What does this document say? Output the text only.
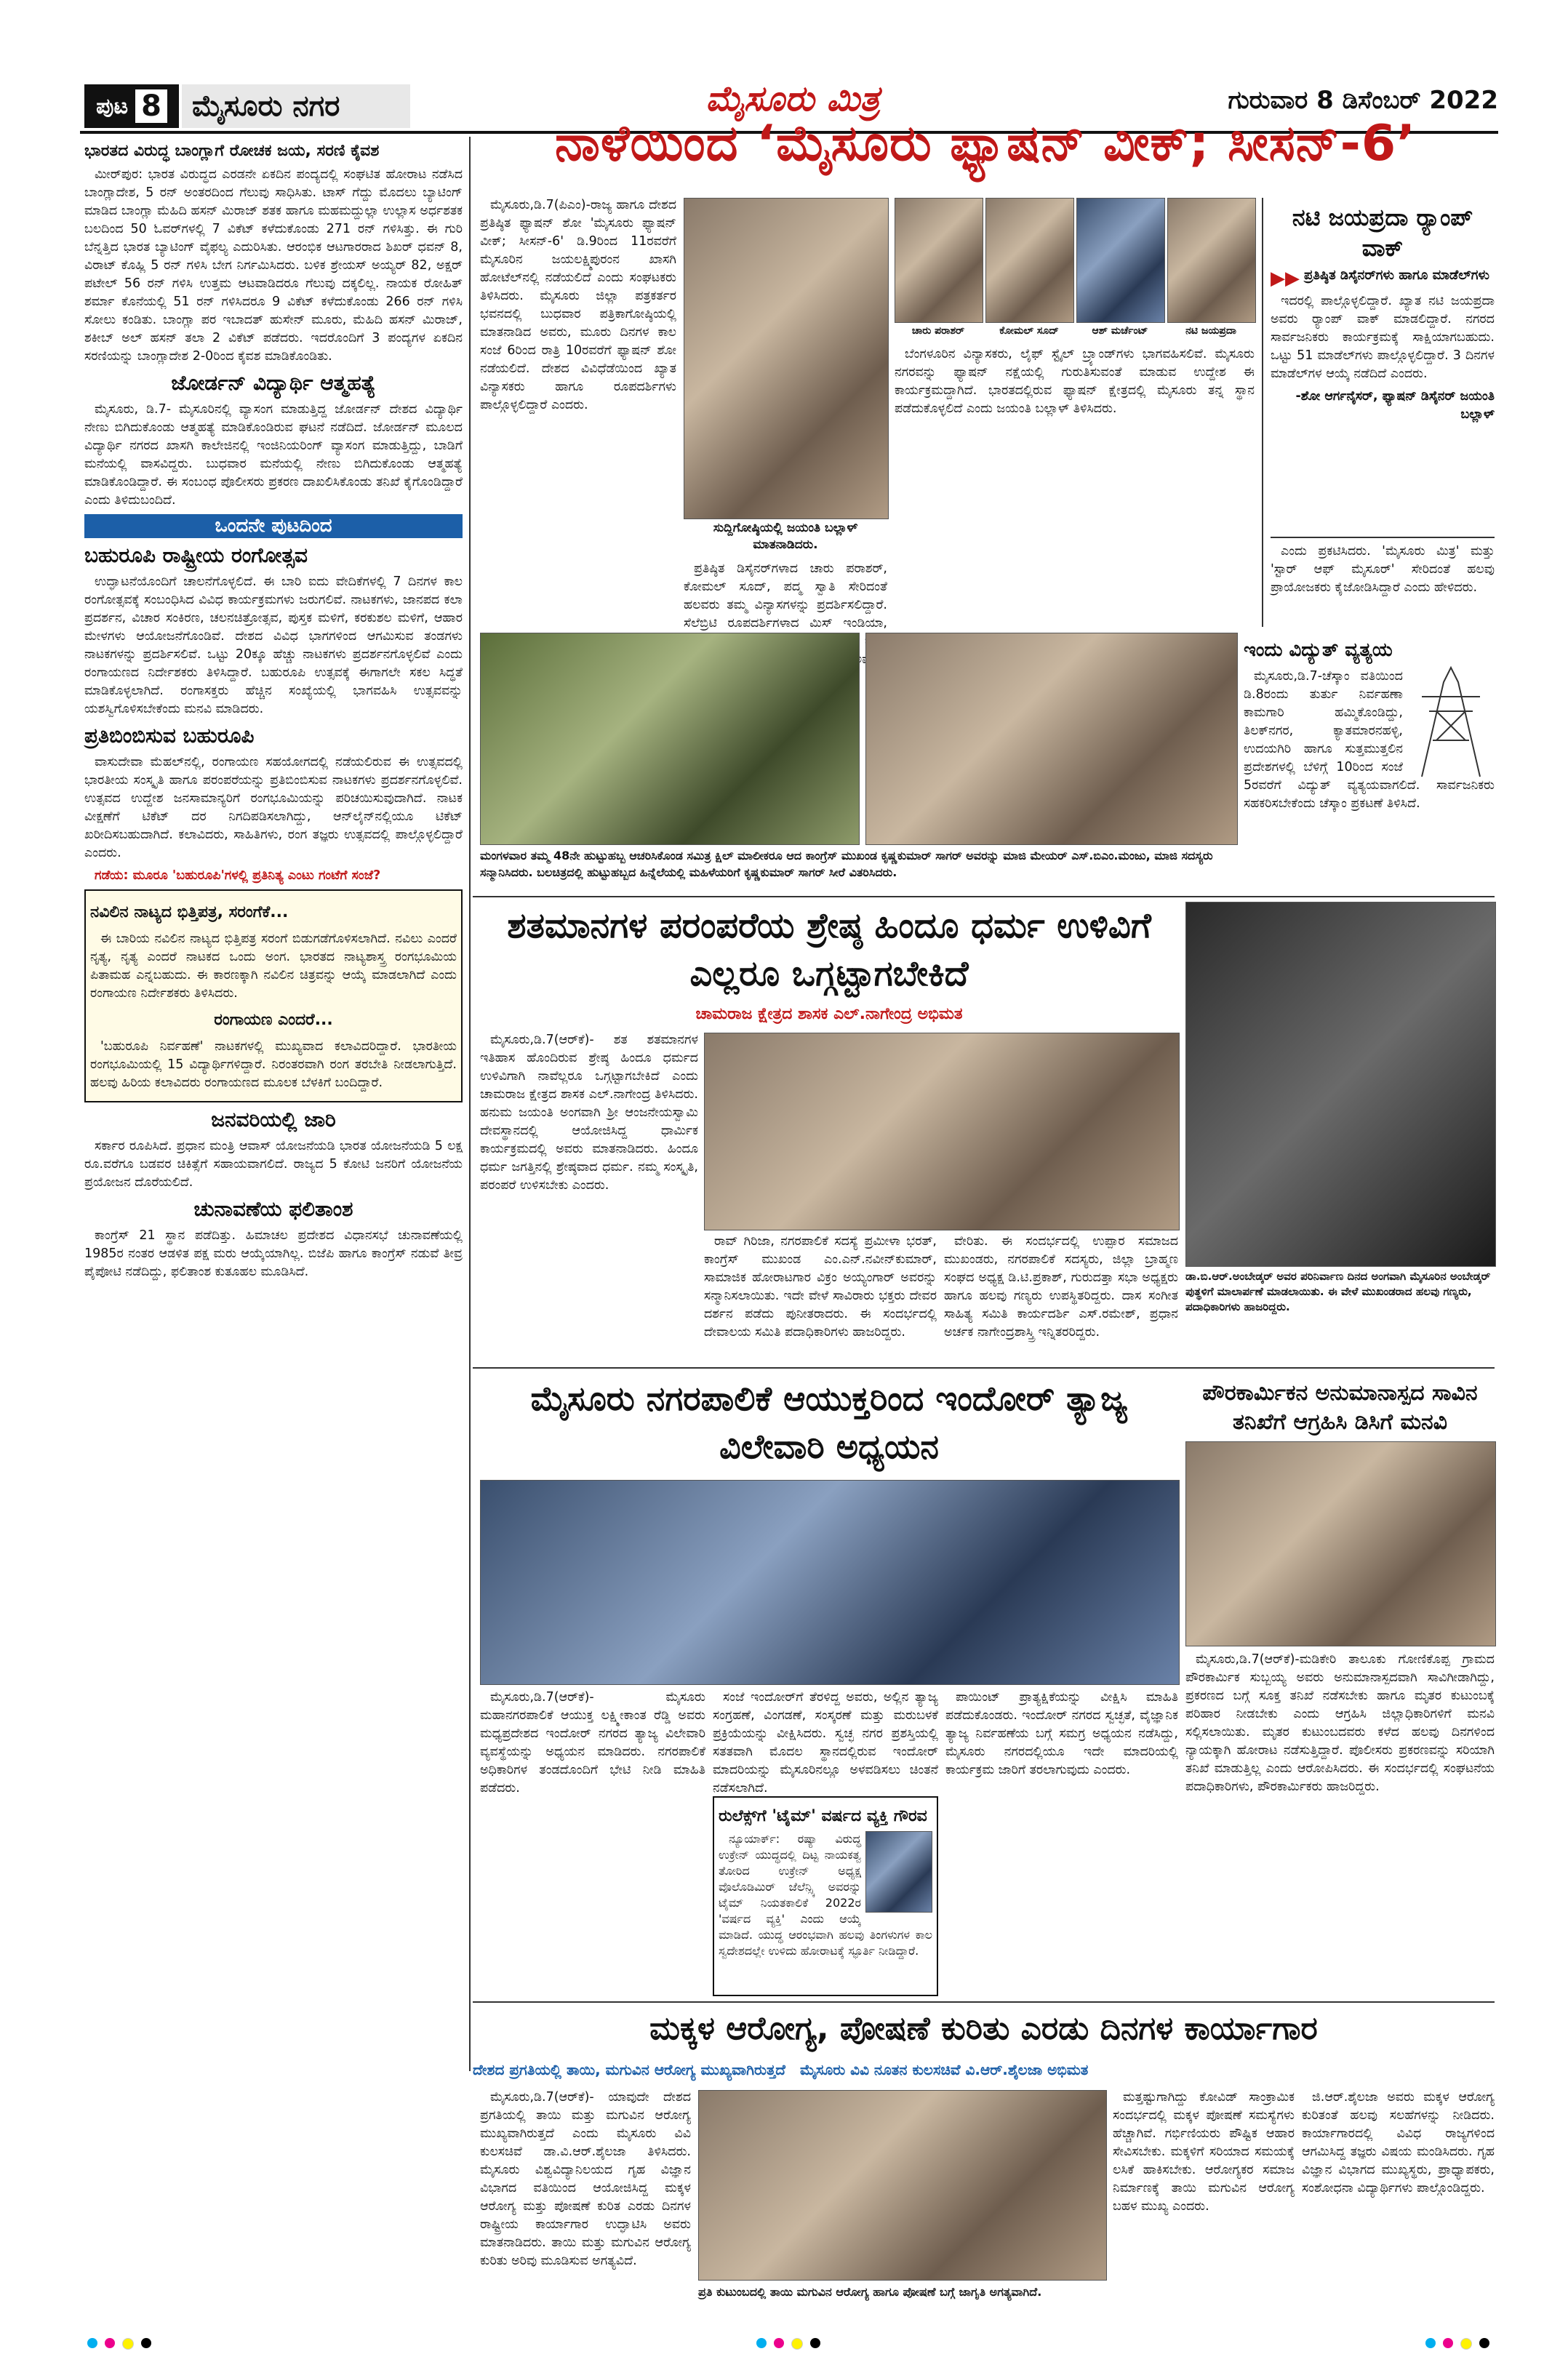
ಪುಟ 8	ಮೈಸೂರು ನಗರ	ಮೈಸೂರು ಮಿತ್ರ	ಗುರುವಾರ 8 ಡಿಸೆಂಬರ್ 2022
ಭಾರತದ ವಿರುದ್ಧ ಬಾಂಗ್ಲಾಗೆ ರೋಚಕ ಜಯ, ಸರಣಿ ಕೈವಶ

ಮೀರ್‌ಪುರ: ಭಾರತ ವಿರುದ್ಧದ ಎರಡನೇ ಏಕದಿನ ಪಂದ್ಯದಲ್ಲಿ ಸಂಘಟಿತ ಹೋರಾಟ ನಡೆಸಿದ ಬಾಂಗ್ಲಾದೇಶ, 5 ರನ್ ಅಂತರದಿಂದ ಗೆಲುವು ಸಾಧಿಸಿತು. ಟಾಸ್ ಗೆದ್ದು ಮೊದಲು ಬ್ಯಾಟಿಂಗ್ ಮಾಡಿದ ಬಾಂಗ್ಲಾ ಮೆಹಿದಿ ಹಸನ್ ಮಿರಾಜ್ ಶತಕ ಹಾಗೂ ಮಹಮದ್ದುಲ್ಲಾ ಉಲ್ಲಾಸ ಅರ್ಧಶತಕ ಬಲದಿಂದ 50 ಓವರ್‌ಗಳಲ್ಲಿ 7 ವಿಕೆಟ್ ಕಳೆದುಕೊಂಡು 271 ರನ್ ಗಳಿಸಿತ್ತು. ಈ ಗುರಿ ಬೆನ್ನತ್ತಿದ ಭಾರತ ಬ್ಯಾಟಿಂಗ್ ವೈಫಲ್ಯ ಎದುರಿಸಿತು. ಆರಂಭಿಕ ಆಟಗಾರರಾದ ಶಿಖರ್ ಧವನ್ 8, ವಿರಾಟ್ ಕೊಹ್ಲಿ 5 ರನ್ ಗಳಿಸಿ ಬೇಗ ನಿರ್ಗಮಿಸಿದರು. ಬಳಿಕ ಶ್ರೇಯಸ್ ಅಯ್ಯರ್ 82, ಅಕ್ಷರ್ ಪಟೇಲ್ 56 ರನ್ ಗಳಿಸಿ ಉತ್ತಮ ಆಟವಾಡಿದರೂ ಗೆಲುವು ದಕ್ಕಲಿಲ್ಲ. ನಾಯಕ ರೋಹಿತ್ ಶರ್ಮಾ ಕೊನೆಯಲ್ಲಿ 51 ರನ್ ಗಳಿಸಿದರೂ 9 ವಿಕೆಟ್ ಕಳೆದುಕೊಂಡು 266 ರನ್ ಗಳಿಸಿ ಸೋಲು ಕಂಡಿತು. ಬಾಂಗ್ಲಾ ಪರ ಇಬಾದತ್ ಹುಸೇನ್ ಮೂರು, ಮೆಹಿದಿ ಹಸನ್ ಮಿರಾಜ್, ಶಕೀಬ್ ಅಲ್ ಹಸನ್ ತಲಾ 2 ವಿಕೆಟ್ ಪಡೆದರು. ಇದರೊಂದಿಗೆ 3 ಪಂದ್ಯಗಳ ಏಕದಿನ ಸರಣಿಯನ್ನು ಬಾಂಗ್ಲಾದೇಶ 2-0ರಿಂದ ಕೈವಶ ಮಾಡಿಕೊಂಡಿತು.

ಜೋರ್ಡನ್ ವಿದ್ಯಾರ್ಥಿ ಆತ್ಮಹತ್ಯೆ

ಮೈಸೂರು, ಡಿ.7- ಮೈಸೂರಿನಲ್ಲಿ ವ್ಯಾಸಂಗ ಮಾಡುತ್ತಿದ್ದ ಜೋರ್ಡನ್ ದೇಶದ ವಿದ್ಯಾರ್ಥಿ ನೇಣು ಬಿಗಿದುಕೊಂಡು ಆತ್ಮಹತ್ಯೆ ಮಾಡಿಕೊಂಡಿರುವ ಘಟನೆ ನಡೆದಿದೆ. ಜೋರ್ಡನ್ ಮೂಲದ ವಿದ್ಯಾರ್ಥಿ ನಗರದ ಖಾಸಗಿ ಕಾಲೇಜಿನಲ್ಲಿ ಇಂಜಿನಿಯರಿಂಗ್ ವ್ಯಾಸಂಗ ಮಾಡುತ್ತಿದ್ದು, ಬಾಡಿಗೆ ಮನೆಯಲ್ಲಿ ವಾಸವಿದ್ದರು. ಬುಧವಾರ ಮನೆಯಲ್ಲಿ ನೇಣು ಬಿಗಿದುಕೊಂಡು ಆತ್ಮಹತ್ಯೆ ಮಾಡಿಕೊಂಡಿದ್ದಾರೆ. ಈ ಸಂಬಂಧ ಪೊಲೀಸರು ಪ್ರಕರಣ ದಾಖಲಿಸಿಕೊಂಡು ತನಿಖೆ ಕೈಗೊಂಡಿದ್ದಾರೆ ಎಂದು ತಿಳಿದುಬಂದಿದೆ.

ಒಂದನೇ ಪುಟದಿಂದ
ಬಹುರೂಪಿ ರಾಷ್ಟ್ರೀಯ ರಂಗೋತ್ಸವ

ಉದ್ಘಾಟನೆಯೊಂದಿಗೆ ಚಾಲನೆಗೊಳ್ಳಲಿದೆ. ಈ ಬಾರಿ ಐದು ವೇದಿಕೆಗಳಲ್ಲಿ 7 ದಿನಗಳ ಕಾಲ ರಂಗೋತ್ಸವಕ್ಕೆ ಸಂಬಂಧಿಸಿದ ವಿವಿಧ ಕಾರ್ಯಕ್ರಮಗಳು ಜರುಗಲಿವೆ. ನಾಟಕಗಳು, ಜಾನಪದ ಕಲಾ ಪ್ರದರ್ಶನ, ವಿಚಾರ ಸಂಕಿರಣ, ಚಲನಚಿತ್ರೋತ್ಸವ, ಪುಸ್ತಕ ಮಳಿಗೆ, ಕರಕುಶಲ ಮಳಿಗೆ, ಆಹಾರ ಮೇಳಗಳು ಆಯೋಜನೆಗೊಂಡಿವೆ. ದೇಶದ ವಿವಿಧ ಭಾಗಗಳಿಂದ ಆಗಮಿಸುವ ತಂಡಗಳು ನಾಟಕಗಳನ್ನು ಪ್ರದರ್ಶಿಸಲಿವೆ. ಒಟ್ಟು 20ಕ್ಕೂ ಹೆಚ್ಚು ನಾಟಕಗಳು ಪ್ರದರ್ಶನಗೊಳ್ಳಲಿವೆ ಎಂದು ರಂಗಾಯಣದ ನಿರ್ದೇಶಕರು ತಿಳಿಸಿದ್ದಾರೆ. ಬಹುರೂಪಿ ಉತ್ಸವಕ್ಕೆ ಈಗಾಗಲೇ ಸಕಲ ಸಿದ್ಧತೆ ಮಾಡಿಕೊಳ್ಳಲಾಗಿದೆ. ರಂಗಾಸಕ್ತರು ಹೆಚ್ಚಿನ ಸಂಖ್ಯೆಯಲ್ಲಿ ಭಾಗವಹಿಸಿ ಉತ್ಸವವನ್ನು ಯಶಸ್ವಿಗೊಳಿಸಬೇಕೆಂದು ಮನವಿ ಮಾಡಿದರು.

ಪ್ರತಿಬಿಂಬಿಸುವ ಬಹುರೂಪಿ

ವಾಸುದೇವಾ ಮೆಹಲ್‌ನಲ್ಲಿ, ರಂಗಾಯಣ ಸಹಯೋಗದಲ್ಲಿ ನಡೆಯಲಿರುವ ಈ ಉತ್ಸವದಲ್ಲಿ ಭಾರತೀಯ ಸಂಸ್ಕೃತಿ ಹಾಗೂ ಪರಂಪರೆಯನ್ನು ಪ್ರತಿಬಿಂಬಿಸುವ ನಾಟಕಗಳು ಪ್ರದರ್ಶನಗೊಳ್ಳಲಿವೆ. ಉತ್ಸವದ ಉದ್ದೇಶ ಜನಸಾಮಾನ್ಯರಿಗೆ ರಂಗಭೂಮಿಯನ್ನು ಪರಿಚಯಿಸುವುದಾಗಿದೆ. ನಾಟಕ ವೀಕ್ಷಣೆಗೆ ಟಿಕೆಟ್ ದರ ನಿಗದಿಪಡಿಸಲಾಗಿದ್ದು, ಆನ್‌ಲೈನ್‌ನಲ್ಲಿಯೂ ಟಿಕೆಟ್ ಖರೀದಿಸಬಹುದಾಗಿದೆ. ಕಲಾವಿದರು, ಸಾಹಿತಿಗಳು, ರಂಗ ತಜ್ಞರು ಉತ್ಸವದಲ್ಲಿ ಪಾಲ್ಗೊಳ್ಳಲಿದ್ದಾರೆ ಎಂದರು.

ಗಡೆಯ: ಮೂರೂ 'ಬಹುರೂಪಿ'ಗಳಲ್ಲಿ ಪ್ರತಿನಿತ್ಯ ಎಂಟು ಗಂಟೆಗೆ ಸಂಜೆ?

ನವಿಲಿನ ನಾಟ್ಯದ ಭಿತ್ತಿಪತ್ರ, ಸರಂಗೆಕೆ...

ಈ ಬಾರಿಯ ನವಿಲಿನ ನಾಟ್ಯದ ಭಿತ್ತಿಪತ್ರ ಸರಂಗೆ ಬಿಡುಗಡೆಗೊಳಿಸಲಾಗಿದೆ. ನವಿಲು ಎಂದರೆ ನೃತ್ಯ, ನೃತ್ಯ ಎಂದರೆ ನಾಟಕದ ಒಂದು ಅಂಗ. ಭಾರತದ ನಾಟ್ಯಶಾಸ್ತ್ರ ರಂಗಭೂಮಿಯ ಪಿತಾಮಹ ಎನ್ನಬಹುದು. ಈ ಕಾರಣಕ್ಕಾಗಿ ನವಿಲಿನ ಚಿತ್ರವನ್ನು ಆಯ್ಕೆ ಮಾಡಲಾಗಿದೆ ಎಂದು ರಂಗಾಯಣ ನಿರ್ದೇಶಕರು ತಿಳಿಸಿದರು.

ರಂಗಾಯಣ ಎಂದರೆ...

'ಬಹುರೂಪಿ ನಿರ್ವಹಣೆ' ನಾಟಕಗಳಲ್ಲಿ ಮುಖ್ಯವಾದ ಕಲಾವಿದರಿದ್ದಾರೆ. ಭಾರತೀಯ ರಂಗಭೂಮಿಯಲ್ಲಿ 15 ವಿದ್ಯಾರ್ಥಿಗಳಿದ್ದಾರೆ. ನಿರಂತರವಾಗಿ ರಂಗ ತರಬೇತಿ ನೀಡಲಾಗುತ್ತಿದೆ. ಹಲವು ಹಿರಿಯ ಕಲಾವಿದರು ರಂಗಾಯಣದ ಮೂಲಕ ಬೆಳಕಿಗೆ ಬಂದಿದ್ದಾರೆ.

ಜನವರಿಯಲ್ಲಿ ಜಾರಿ

ಸರ್ಕಾರ ರೂಪಿಸಿದೆ. ಪ್ರಧಾನ ಮಂತ್ರಿ ಆವಾಸ್ ಯೋಜನೆಯಡಿ ಭಾರತ ಯೋಜನೆಯಡಿ 5 ಲಕ್ಷ ರೂ.ವರೆಗೂ ಬಡವರ ಚಿಕಿತ್ಸೆಗೆ ಸಹಾಯವಾಗಲಿದೆ. ರಾಜ್ಯದ 5 ಕೋಟಿ ಜನರಿಗೆ ಯೋಜನೆಯ ಪ್ರಯೋಜನ ದೊರೆಯಲಿದೆ.

ಚುನಾವಣೆಯ ಫಲಿತಾಂಶ

ಕಾಂಗ್ರೆಸ್ 21 ಸ್ಥಾನ ಪಡೆದಿತ್ತು. ಹಿಮಾಚಲ ಪ್ರದೇಶದ ವಿಧಾನಸಭೆ ಚುನಾವಣೆಯಲ್ಲಿ 1985ರ ನಂತರ ಆಡಳಿತ ಪಕ್ಷ ಮರು ಆಯ್ಕೆಯಾಗಿಲ್ಲ. ಬಿಜೆಪಿ ಹಾಗೂ ಕಾಂಗ್ರೆಸ್ ನಡುವೆ ತೀವ್ರ ಪೈಪೋಟಿ ನಡೆದಿದ್ದು, ಫಲಿತಾಂಶ ಕುತೂಹಲ ಮೂಡಿಸಿದೆ.

ನಾಳೆಯಿಂದ ‘ಮೈಸೂರು ಫ್ಯಾಷನ್ ವೀಕ್; ಸೀಸನ್-6’

ಮೈಸೂರು,ಡಿ.7(ಪಿಎಂ)-ರಾಜ್ಯ ಹಾಗೂ ದೇಶದ ಪ್ರತಿಷ್ಠಿತ ಫ್ಯಾಷನ್ ಶೋ 'ಮೈಸೂರು ಫ್ಯಾಷನ್ ವೀಕ್; ಸೀಸನ್-6' ಡಿ.9ರಿಂದ 11ರವರೆಗೆ ಮೈಸೂರಿನ ಜಯಲಕ್ಷ್ಮಿಪುರಂನ ಖಾಸಗಿ ಹೋಟೆಲ್‌ನಲ್ಲಿ ನಡೆಯಲಿದೆ ಎಂದು ಸಂಘಟಕರು ತಿಳಿಸಿದರು. ಮೈಸೂರು ಜಿಲ್ಲಾ ಪತ್ರಕರ್ತರ ಭವನದಲ್ಲಿ ಬುಧವಾರ ಪತ್ರಿಕಾಗೋಷ್ಠಿಯಲ್ಲಿ ಮಾತನಾಡಿದ ಅವರು, ಮೂರು ದಿನಗಳ ಕಾಲ ಸಂಜೆ 6ರಿಂದ ರಾತ್ರಿ 10ರವರೆಗೆ ಫ್ಯಾಷನ್ ಶೋ ನಡೆಯಲಿದೆ. ದೇಶದ ವಿವಿಧೆಡೆಯಿಂದ ಖ್ಯಾತ ವಿನ್ಯಾಸಕರು ಹಾಗೂ ರೂಪದರ್ಶಿಗಳು ಪಾಲ್ಗೊಳ್ಳಲಿದ್ದಾರೆ ಎಂದರು.

ಸುದ್ದಿಗೋಷ್ಠಿಯಲ್ಲಿ ಜಯಂತಿ ಬಲ್ಲಾಳ್ ಮಾತನಾಡಿದರು.

ಪ್ರತಿಷ್ಠಿತ ಡಿಸೈನರ್‌ಗಳಾದ ಚಾರು ಪರಾಶರ್, ಕೋಮಲ್ ಸೂದ್, ಪದ್ಮ ಸ್ವಾತಿ ಸೇರಿದಂತೆ ಹಲವರು ತಮ್ಮ ವಿನ್ಯಾಸಗಳನ್ನು ಪ್ರದರ್ಶಿಸಲಿದ್ದಾರೆ. ಸೆಲೆಬ್ರಿಟಿ ರೂಪದರ್ಶಿಗಳಾದ ಮಿಸ್ ಇಂಡಿಯಾ,

ಚಾರು ಪರಾಶರ್	ಕೋಮಲ್ ಸೂದ್	ಆಶ್ ಮರ್ಚೆಂಟ್	ನಟಿ ಜಯಪ್ರದಾ

ಬೆಂಗಳೂರಿನ ವಿನ್ಯಾಸಕರು, ಲೈಫ್ ಸ್ಟೈಲ್ ಬ್ರ್ಯಾಂಡ್‌ಗಳು ಭಾಗವಹಿಸಲಿವೆ. ಮೈಸೂರು ನಗರವನ್ನು ಫ್ಯಾಷನ್ ನಕ್ಷೆಯಲ್ಲಿ ಗುರುತಿಸುವಂತೆ ಮಾಡುವ ಉದ್ದೇಶ ಈ ಕಾರ್ಯಕ್ರಮದ್ದಾಗಿದೆ. ಭಾರತದಲ್ಲಿರುವ ಫ್ಯಾಷನ್ ಕ್ಷೇತ್ರದಲ್ಲಿ ಮೈಸೂರು ತನ್ನ ಸ್ಥಾನ ಪಡೆದುಕೊಳ್ಳಲಿದೆ ಎಂದು ಜಯಂತಿ ಬಲ್ಲಾಳ್ ತಿಳಿಸಿದರು.

ನಟಿ ಜಯಪ್ರದಾ ರ್‍ಯಾಂಪ್ ವಾಕ್
▶▶ ಪ್ರತಿಷ್ಠಿತ ಡಿಸೈನರ್‌ಗಳು ಹಾಗೂ ಮಾಡೆಲ್‌ಗಳು

ಇದರಲ್ಲಿ ಪಾಲ್ಗೊಳ್ಳಲಿದ್ದಾರೆ. ಖ್ಯಾತ ನಟಿ ಜಯಪ್ರದಾ ಅವರು ರ್‍ಯಾಂಪ್ ವಾಕ್ ಮಾಡಲಿದ್ದಾರೆ. ನಗರದ ಸಾರ್ವಜನಿಕರು ಕಾರ್ಯಕ್ರಮಕ್ಕೆ ಸಾಕ್ಷಿಯಾಗಬಹುದು. ಒಟ್ಟು 51 ಮಾಡೆಲ್‌ಗಳು ಪಾಲ್ಗೊಳ್ಳಲಿದ್ದಾರೆ. 3 ದಿನಗಳ ಮಾಡೆಲ್‌ಗಳ ಆಯ್ಕೆ ನಡೆದಿದೆ ಎಂದರು.

-ಶೋ ಆರ್ಗನೈಸರ್, ಫ್ಯಾಷನ್ ಡಿಸೈನರ್ ಜಯಂತಿ ಬಲ್ಲಾಳ್

ಎಂದು ಪ್ರಕಟಿಸಿದರು. 'ಮೈಸೂರು ಮಿತ್ರ' ಮತ್ತು 'ಸ್ಟಾರ್ ಆಫ್ ಮೈಸೂರ್' ಸೇರಿದಂತೆ ಹಲವು ಪ್ರಾಯೋಜಕರು ಕೈಜೋಡಿಸಿದ್ದಾರೆ ಎಂದು ಹೇಳಿದರು.

ಮಂಗಳವಾರ ತಮ್ಮ 48ನೇ ಹುಟ್ಟುಹಬ್ಬ ಆಚರಿಸಿಕೊಂಡ ಸಮಿತ್ರ ಕ್ಷಿಲ್ ಮಾಲೀಕರೂ ಆದ ಕಾಂಗ್ರೆಸ್ ಮುಖಂಡ ಕೃಷ್ಣಕುಮಾರ್ ಸಾಗರ್ ಅವರನ್ನು ಮಾಜಿ ಮೇಯರ್ ಎಸ್.ಬಿಎಂ.ಮಂಜು, ಮಾಜಿ ಸದಸ್ಯರು ಸನ್ಮಾನಿಸಿದರು. ಬಲಚಿತ್ರದಲ್ಲಿ ಹುಟ್ಟುಹಬ್ಬದ ಹಿನ್ನೆಲೆಯಲ್ಲಿ ಮಹಿಳೆಯರಿಗೆ ಕೃಷ್ಣಕುಮಾರ್ ಸಾಗರ್ ಸೀರೆ ವಿತರಿಸಿದರು.
ಇಂದು ವಿದ್ಯುತ್ ವ್ಯತ್ಯಯ

ಮೈಸೂರು,ಡಿ.7-ಚೆಸ್ಕಾಂ ವತಿಯಿಂದ ಡಿ.8ರಂದು ತುರ್ತು ನಿರ್ವಹಣಾ ಕಾಮಗಾರಿ ಹಮ್ಮಿಕೊಂಡಿದ್ದು, ತಿಲಕ್‌ನಗರ, ಕ್ಯಾತಮಾರನಹಳ್ಳಿ, ಉದಯಗಿರಿ ಹಾಗೂ ಸುತ್ತಮುತ್ತಲಿನ ಪ್ರದೇಶಗಳಲ್ಲಿ ಬೆಳಿಗ್ಗೆ 10ರಿಂದ ಸಂಜೆ 5ರವರೆಗೆ ವಿದ್ಯುತ್ ವ್ಯತ್ಯಯವಾಗಲಿದೆ. ಸಾರ್ವಜನಿಕರು ಸಹಕರಿಸಬೇಕೆಂದು ಚೆಸ್ಕಾಂ ಪ್ರಕಟಣೆ ತಿಳಿಸಿದೆ.

ಶತಮಾನಗಳ ಪರಂಪರೆಯ ಶ್ರೇಷ್ಠ ಹಿಂದೂ ಧರ್ಮ ಉಳಿವಿಗೆ ಎಲ್ಲರೂ ಒಗ್ಗಟ್ಟಾಗಬೇಕಿದೆ
ಚಾಮರಾಜ ಕ್ಷೇತ್ರದ ಶಾಸಕ ಎಲ್.ನಾಗೇಂದ್ರ ಅಭಿಮತ

ಮೈಸೂರು,ಡಿ.7(ಆರ್‌ಕೆ)- ಶತ ಶತಮಾನಗಳ ಇತಿಹಾಸ ಹೊಂದಿರುವ ಶ್ರೇಷ್ಠ ಹಿಂದೂ ಧರ್ಮದ ಉಳಿವಿಗಾಗಿ ನಾವೆಲ್ಲರೂ ಒಗ್ಗಟ್ಟಾಗಬೇಕಿದೆ ಎಂದು ಚಾಮರಾಜ ಕ್ಷೇತ್ರದ ಶಾಸಕ ಎಲ್.ನಾಗೇಂದ್ರ ತಿಳಿಸಿದರು. ಹನುಮ ಜಯಂತಿ ಅಂಗವಾಗಿ ಶ್ರೀ ಆಂಜನೇಯಸ್ವಾಮಿ ದೇವಸ್ಥಾನದಲ್ಲಿ ಆಯೋಜಿಸಿದ್ದ ಧಾರ್ಮಿಕ ಕಾರ್ಯಕ್ರಮದಲ್ಲಿ ಅವರು ಮಾತನಾಡಿದರು. ಹಿಂದೂ ಧರ್ಮ ಜಗತ್ತಿನಲ್ಲಿ ಶ್ರೇಷ್ಠವಾದ ಧರ್ಮ. ನಮ್ಮ ಸಂಸ್ಕೃತಿ, ಪರಂಪರೆ ಉಳಿಸಬೇಕು ಎಂದರು.

ರಾವ್ ಗಿರಿಜಾ, ನಗರಪಾಲಿಕೆ ಸದಸ್ಯೆ ಪ್ರಮೀಳಾ ಭರತ್, ಕಾಂಗ್ರೆಸ್ ಮುಖಂಡ ಎಂ.ಎನ್.ನವೀನ್‌ಕುಮಾರ್, ಸಾಮಾಜಿಕ ಹೋರಾಟಗಾರ ವಿಕ್ರಂ ಅಯ್ಯಂಗಾರ್ ಅವರನ್ನು ಸನ್ಮಾನಿಸಲಾಯಿತು. ಇದೇ ವೇಳೆ ಸಾವಿರಾರು ಭಕ್ತರು ದೇವರ ದರ್ಶನ ಪಡೆದು ಪುನೀತರಾದರು. ಈ ಸಂದರ್ಭದಲ್ಲಿ ದೇವಾಲಯ ಸಮಿತಿ ಪದಾಧಿಕಾರಿಗಳು ಹಾಜರಿದ್ದರು.

ವೇರಿತು. ಈ ಸಂದರ್ಭದಲ್ಲಿ ಉಪ್ಪಾರ ಸಮಾಜದ ಮುಖಂಡರು, ನಗರಪಾಲಿಕೆ ಸದಸ್ಯರು, ಜಿಲ್ಲಾ ಬ್ರಾಹ್ಮಣ ಸಂಘದ ಅಧ್ಯಕ್ಷ ಡಿ.ಟಿ.ಪ್ರಕಾಶ್, ಗುರುದತ್ತಾ ಸಭಾ ಅಧ್ಯಕ್ಷರು ಹಾಗೂ ಹಲವು ಗಣ್ಯರು ಉಪಸ್ಥಿತರಿದ್ದರು. ದಾಸ ಸಂಗೀತ ಸಾಹಿತ್ಯ ಸಮಿತಿ ಕಾರ್ಯದರ್ಶಿ ಎಸ್.ರಮೇಶ್, ಪ್ರಧಾನ ಅರ್ಚಕ ನಾಗೇಂದ್ರಶಾಸ್ತ್ರಿ ಇನ್ನಿತರರಿದ್ದರು.

ಡಾ.ಬಿ.ಆರ್.ಅಂಬೇಡ್ಕರ್ ಅವರ ಪರಿನಿರ್ವಾಣ ದಿನದ ಅಂಗವಾಗಿ ಮೈಸೂರಿನ ಅಂಬೇಡ್ಕರ್ ಪುತ್ಥಳಿಗೆ ಮಾಲಾರ್ಪಣೆ ಮಾಡಲಾಯಿತು. ಈ ವೇಳೆ ಮುಖಂಡರಾದ ಹಲವು ಗಣ್ಯರು, ಪದಾಧಿಕಾರಿಗಳು ಹಾಜರಿದ್ದರು.
ಮೈಸೂರು ನಗರಪಾಲಿಕೆ ಆಯುಕ್ತರಿಂದ ಇಂದೋರ್ ತ್ಯಾಜ್ಯ ವಿಲೇವಾರಿ ಅಧ್ಯಯನ

ಮೈಸೂರು,ಡಿ.7(ಆರ್‌ಕೆ)- ಮೈಸೂರು ಮಹಾನಗರಪಾಲಿಕೆ ಆಯುಕ್ತ ಲಕ್ಷ್ಮೀಕಾಂತ ರೆಡ್ಡಿ ಅವರು ಮಧ್ಯಪ್ರದೇಶದ ಇಂದೋರ್ ನಗರದ ತ್ಯಾಜ್ಯ ವಿಲೇವಾರಿ ವ್ಯವಸ್ಥೆಯನ್ನು ಅಧ್ಯಯನ ಮಾಡಿದರು. ನಗರಪಾಲಿಕೆ ಅಧಿಕಾರಿಗಳ ತಂಡದೊಂದಿಗೆ ಭೇಟಿ ನೀಡಿ ಮಾಹಿತಿ ಪಡೆದರು.

ಸಂಜೆ ಇಂದೋರ್‌ಗೆ ತೆರಳಿದ್ದ ಅವರು, ಅಲ್ಲಿನ ತ್ಯಾಜ್ಯ ಸಂಗ್ರಹಣೆ, ವಿಂಗಡಣೆ, ಸಂಸ್ಕರಣೆ ಮತ್ತು ಮರುಬಳಕೆ ಪ್ರಕ್ರಿಯೆಯನ್ನು ವೀಕ್ಷಿಸಿದರು. ಸ್ವಚ್ಛ ನಗರ ಪ್ರಶಸ್ತಿಯಲ್ಲಿ ಸತತವಾಗಿ ಮೊದಲ ಸ್ಥಾನದಲ್ಲಿರುವ ಇಂದೋರ್ ಮಾದರಿಯನ್ನು ಮೈಸೂರಿನಲ್ಲೂ ಅಳವಡಿಸಲು ಚಿಂತನೆ ನಡೆಸಲಾಗಿದೆ.

ಪಾಯಿಂಟ್ ಪ್ರಾತ್ಯಕ್ಷಿಕೆಯನ್ನು ವೀಕ್ಷಿಸಿ ಮಾಹಿತಿ ಪಡೆದುಕೊಂಡರು. ಇಂದೋರ್ ನಗರದ ಸ್ವಚ್ಛತೆ, ವೈಜ್ಞಾನಿಕ ತ್ಯಾಜ್ಯ ನಿರ್ವಹಣೆಯ ಬಗ್ಗೆ ಸಮಗ್ರ ಅಧ್ಯಯನ ನಡೆಸಿದ್ದು, ಮೈಸೂರು ನಗರದಲ್ಲಿಯೂ ಇದೇ ಮಾದರಿಯಲ್ಲಿ ಕಾರ್ಯಕ್ರಮ ಜಾರಿಗೆ ತರಲಾಗುವುದು ಎಂದರು.

ರುಲೆಕ್ಸ್‌ಗೆ 'ಟೈಮ್' ವರ್ಷದ ವ್ಯಕ್ತಿ ಗೌರವ

ನ್ಯೂಯಾರ್ಕ್: ರಷ್ಯಾ ವಿರುದ್ಧ ಉಕ್ರೇನ್ ಯುದ್ಧದಲ್ಲಿ ದಿಟ್ಟ ನಾಯಕತ್ವ ತೋರಿದ ಉಕ್ರೇನ್ ಅಧ್ಯಕ್ಷ ವೊಲೊಡಿಮಿರ್ ಜೆಲೆನ್ಸ್ಕಿ ಅವರನ್ನು ಟೈಮ್ ನಿಯತಕಾಲಿಕೆ 2022ರ 'ವರ್ಷದ ವ್ಯಕ್ತಿ' ಎಂದು ಆಯ್ಕೆ ಮಾಡಿದೆ. ಯುದ್ಧ ಆರಂಭವಾಗಿ ಹಲವು ತಿಂಗಳುಗಳ ಕಾಲ ಸ್ವದೇಶದಲ್ಲೇ ಉಳಿದು ಹೋರಾಟಕ್ಕೆ ಸ್ಫೂರ್ತಿ ನೀಡಿದ್ದಾರೆ.

ಪೌರಕಾರ್ಮಿಕನ ಅನುಮಾನಾಸ್ಪದ ಸಾವಿನ ತನಿಖೆಗೆ ಆಗ್ರಹಿಸಿ ಡಿಸಿಗೆ ಮನವಿ

ಮೈಸೂರು,ಡಿ.7(ಆರ್‌ಕೆ)-ಮಡಿಕೇರಿ ತಾಲೂಕು ಗೋಣಿಕೊಪ್ಪ ಗ್ರಾಮದ ಪೌರಕಾರ್ಮಿಕ ಸುಬ್ಬಯ್ಯ ಅವರು ಅನುಮಾನಾಸ್ಪದವಾಗಿ ಸಾವಿಗೀಡಾಗಿದ್ದು, ಪ್ರಕರಣದ ಬಗ್ಗೆ ಸೂಕ್ತ ತನಿಖೆ ನಡೆಸಬೇಕು ಹಾಗೂ ಮೃತರ ಕುಟುಂಬಕ್ಕೆ ಪರಿಹಾರ ನೀಡಬೇಕು ಎಂದು ಆಗ್ರಹಿಸಿ ಜಿಲ್ಲಾಧಿಕಾರಿಗಳಿಗೆ ಮನವಿ ಸಲ್ಲಿಸಲಾಯಿತು. ಮೃತರ ಕುಟುಂಬದವರು ಕಳೆದ ಹಲವು ದಿನಗಳಿಂದ ನ್ಯಾಯಕ್ಕಾಗಿ ಹೋರಾಟ ನಡೆಸುತ್ತಿದ್ದಾರೆ. ಪೊಲೀಸರು ಪ್ರಕರಣವನ್ನು ಸರಿಯಾಗಿ ತನಿಖೆ ಮಾಡುತ್ತಿಲ್ಲ ಎಂದು ಆರೋಪಿಸಿದರು. ಈ ಸಂದರ್ಭದಲ್ಲಿ ಸಂಘಟನೆಯ ಪದಾಧಿಕಾರಿಗಳು, ಪೌರಕಾರ್ಮಿಕರು ಹಾಜರಿದ್ದರು.

ಮಕ್ಕಳ ಆರೋಗ್ಯ, ಪೋಷಣೆ ಕುರಿತು ಎರಡು ದಿನಗಳ ಕಾರ್ಯಾಗಾರ
ದೇಶದ ಪ್ರಗತಿಯಲ್ಲಿ ತಾಯಿ, ಮಗುವಿನ ಆರೋಗ್ಯ ಮುಖ್ಯವಾಗಿರುತ್ತದೆ ಮೈಸೂರು ವಿವಿ ನೂತನ ಕುಲಸಚಿವೆ ವಿ.ಆರ್.ಶೈಲಜಾ ಅಭಿಮತ

ಮೈಸೂರು,ಡಿ.7(ಆರ್‌ಕೆ)- ಯಾವುದೇ ದೇಶದ ಪ್ರಗತಿಯಲ್ಲಿ ತಾಯಿ ಮತ್ತು ಮಗುವಿನ ಆರೋಗ್ಯ ಮುಖ್ಯವಾಗಿರುತ್ತದೆ ಎಂದು ಮೈಸೂರು ವಿವಿ ಕುಲಸಚಿವೆ ಡಾ.ವಿ.ಆರ್.ಶೈಲಜಾ ತಿಳಿಸಿದರು. ಮೈಸೂರು ವಿಶ್ವವಿದ್ಯಾನಿಲಯದ ಗೃಹ ವಿಜ್ಞಾನ ವಿಭಾಗದ ವತಿಯಿಂದ ಆಯೋಜಿಸಿದ್ದ ಮಕ್ಕಳ ಆರೋಗ್ಯ ಮತ್ತು ಪೋಷಣೆ ಕುರಿತ ಎರಡು ದಿನಗಳ ರಾಷ್ಟ್ರೀಯ ಕಾರ್ಯಾಗಾರ ಉದ್ಘಾಟಿಸಿ ಅವರು ಮಾತನಾಡಿದರು. ತಾಯಿ ಮತ್ತು ಮಗುವಿನ ಆರೋಗ್ಯ ಕುರಿತು ಅರಿವು ಮೂಡಿಸುವ ಅಗತ್ಯವಿದೆ.

ಪ್ರತಿ ಕುಟುಂಬದಲ್ಲಿ ತಾಯಿ ಮಗುವಿನ ಆರೋಗ್ಯ ಹಾಗೂ ಪೋಷಣೆ ಬಗ್ಗೆ ಜಾಗೃತಿ ಅಗತ್ಯವಾಗಿದೆ.

ಮತ್ತಷ್ಟುಗಾಗಿದ್ದು ಕೋವಿಡ್ ಸಾಂಕ್ರಾಮಿಕ ಸಂದರ್ಭದಲ್ಲಿ ಮಕ್ಕಳ ಪೋಷಣೆ ಸಮಸ್ಯೆಗಳು ಹೆಚ್ಚಾಗಿವೆ. ಗರ್ಭಿಣಿಯರು ಪೌಷ್ಟಿಕ ಆಹಾರ ಸೇವಿಸಬೇಕು. ಮಕ್ಕಳಿಗೆ ಸರಿಯಾದ ಸಮಯಕ್ಕೆ ಲಸಿಕೆ ಹಾಕಿಸಬೇಕು. ಆರೋಗ್ಯಕರ ಸಮಾಜ ನಿರ್ಮಾಣಕ್ಕೆ ತಾಯಿ ಮಗುವಿನ ಆರೋಗ್ಯ ಬಹಳ ಮುಖ್ಯ ಎಂದರು.

ಜಿ.ಆರ್.ಶೈಲಜಾ ಅವರು ಮಕ್ಕಳ ಆರೋಗ್ಯ ಕುರಿತಂತೆ ಹಲವು ಸಲಹೆಗಳನ್ನು ನೀಡಿದರು. ಕಾರ್ಯಾಗಾರದಲ್ಲಿ ವಿವಿಧ ರಾಜ್ಯಗಳಿಂದ ಆಗಮಿಸಿದ್ದ ತಜ್ಞರು ವಿಷಯ ಮಂಡಿಸಿದರು. ಗೃಹ ವಿಜ್ಞಾನ ವಿಭಾಗದ ಮುಖ್ಯಸ್ಥರು, ಪ್ರಾಧ್ಯಾಪಕರು, ಸಂಶೋಧನಾ ವಿದ್ಯಾರ್ಥಿಗಳು ಪಾಲ್ಗೊಂಡಿದ್ದರು.
